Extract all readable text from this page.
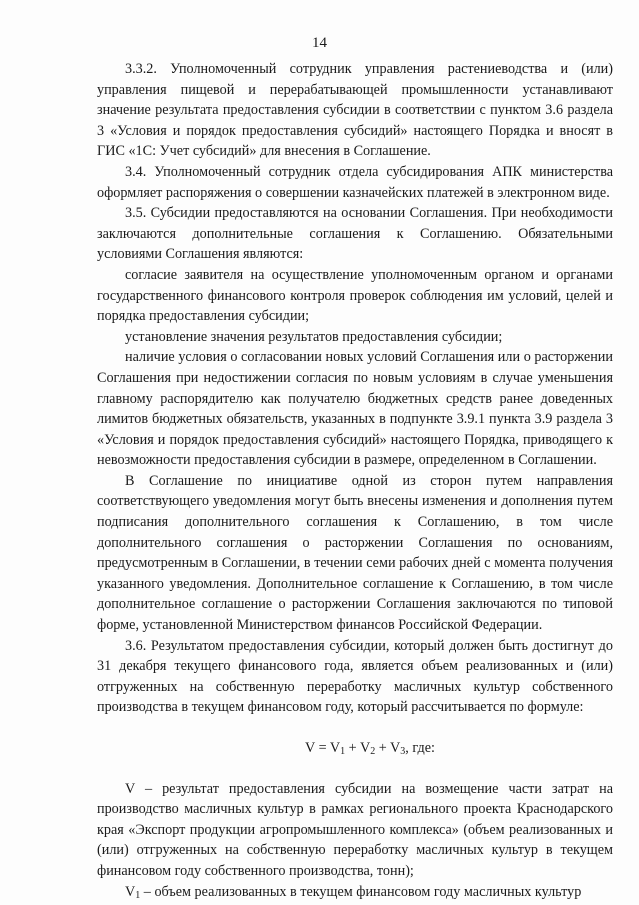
14

3.3.2. Уполномоченный сотрудник управления растениеводства и (или) управления пищевой и перерабатывающей промышленности устанавливают значение результата предоставления субсидии в соответствии с пунктом 3.6 раздела 3 «Условия и порядок предоставления субсидий» настоящего Порядка и вносят в ГИС «1С: Учет субсидий» для внесения в Соглашение.

3.4. Уполномоченный сотрудник отдела субсидирования АПК министерства оформляет распоряжения о совершении казначейских платежей в электронном виде.

3.5. Субсидии предоставляются на основании Соглашения. При необходимости заключаются дополнительные соглашения к Соглашению. Обязательными условиями Соглашения являются:

согласие заявителя на осуществление уполномоченным органом и органами государственного финансового контроля проверок соблюдения им условий, целей и порядка предоставления субсидии;

установление значения результатов предоставления субсидии;

наличие условия о согласовании новых условий Соглашения или о расторжении Соглашения при недостижении согласия по новым условиям в случае уменьшения главному распорядителю как получателю бюджетных средств ранее доведенных лимитов бюджетных обязательств, указанных в подпункте 3.9.1 пункта 3.9 раздела 3 «Условия и порядок предоставления субсидий» настоящего Порядка, приводящего к невозможности предоставления субсидии в размере, определенном в Соглашении.

В Соглашение по инициативе одной из сторон путем направления соответствующего уведомления могут быть внесены изменения и дополнения путем подписания дополнительного соглашения к Соглашению, в том числе дополнительного соглашения о расторжении Соглашения по основаниям, предусмотренным в Соглашении, в течении семи рабочих дней с момента получения указанного уведомления. Дополнительное соглашение к Соглашению, в том числе дополнительное соглашение о расторжении Соглашения заключаются по типовой форме, установленной Министерством финансов Российской Федерации.

3.6. Результатом предоставления субсидии, который должен быть достигнут до 31 декабря текущего финансового года, является объем реализованных и (или) отгруженных на собственную переработку масличных культур собственного производства в текущем финансовом году, который рассчитывается по формуле:

$V = V_1 + V_2 + V_3$, где:

V – результат предоставления субсидии на возмещение части затрат на производство масличных культур в рамках регионального проекта Краснодарского края «Экспорт продукции агропромышленного комплекса» (объем реализованных и (или) отгруженных на собственную переработку масличных культур в текущем финансовом году собственного производства, тонн);

$V_1$ – объем реализованных в текущем финансовом году масличных культур
